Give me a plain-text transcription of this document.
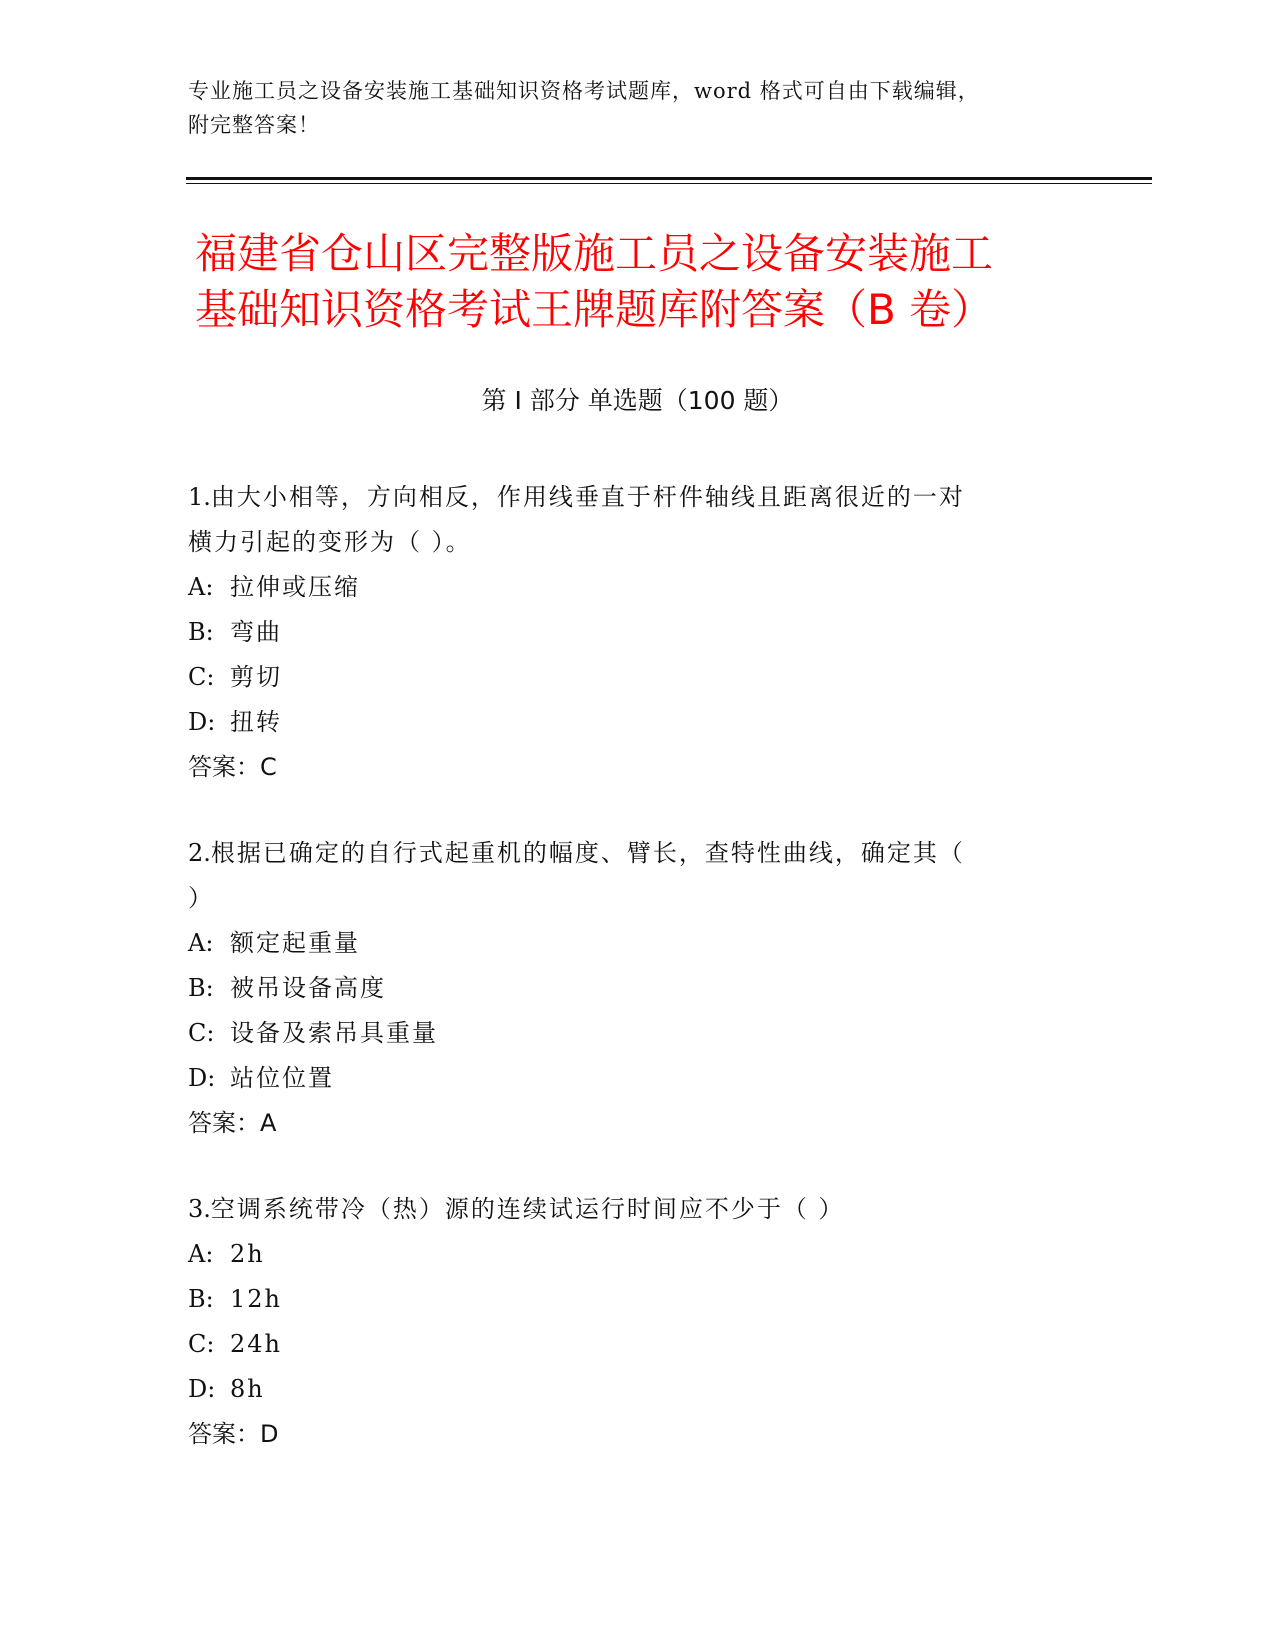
专业施工员之设备安装施工基础知识资格考试题库，word 格式可自由下载编辑，
附完整答案！
福建省仓山区完整版施工员之设备安装施工
基础知识资格考试王牌题库附答案（B 卷）
第 I 部分 单选题（100 题）

1.由大小相等，方向相反，作用线垂直于杆件轴线且距离很近的一对
横力引起的变形为（ ）。

A: 拉伸或压缩
B: 弯曲
C: 剪切
D: 扭转
答案：C

2.根据已确定的自行式起重机的幅度、臂长，查特性曲线，确定其（
）

A: 额定起重量
B: 被吊设备高度
C: 设备及索吊具重量
D: 站位位置
答案：A

3.空调系统带冷（热）源的连续试运行时间应不少于（ ）

A: 2h
B: 12h
C: 24h
D: 8h
答案：D
